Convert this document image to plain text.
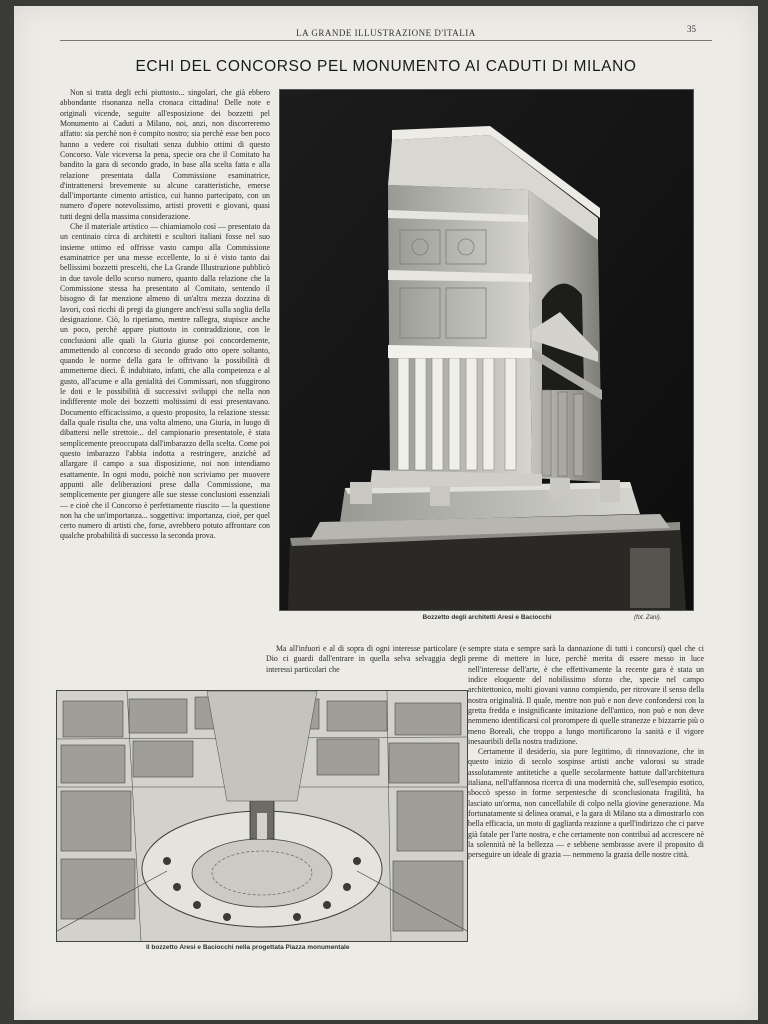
LA GRANDE ILLUSTRAZIONE D'ITALIA	35
ECHI DEL CONCORSO PEL MONUMENTO AI CADUTI DI MILANO

Non si tratta degli echi piuttosto... singolari, che già ebbero abbondante risonanza nella cronaca cittadina! Delle note e originali vicende, seguite all'esposizione dei bozzetti pel Monumento ai Caduti a Milano, noi, anzi, non discorreremo affatto: sia perchè non è compito nostro; sia perchè esse ben poco hanno a vedere coi risultati senza dubbio ottimi di questo Concorso. Vale viceversa la pena, specie ora che il Comitato ha bandito la gara di secondo grado, in base alla scelta fatta e alla relazione presentata dalla Commissione esaminatrice, d'intrattenersi brevemente su alcune caratteristiche, emerse dall'importante cimento artistico, cui hanno partecipato, con un numero d'opere notevolissimo, artisti provetti e giovani, quasi tutti degni della massima considerazione.

Che il materiale artistico — chiamiamolo così — presentato da un centinaio circa di architetti e scultori italiani fosse nel suo insieme ottimo ed offrisse vasto campo alla Commissione esaminatrice per una messe eccellente, lo si è visto tanto dai bellissimi bozzetti prescelti, che La Grande Illustrazione pubblicò in due tavole dello scorso numero, quanto dalla relazione che la Commissione stessa ha presentato al Comitato, sentendo il bisogno di far menzione almeno di un'altra mezza dozzina di lavori, così ricchi di pregi da giungere anch'essi sulla soglia della designazione. Ciò, lo ripetiamo, mentre rallegra, stupisce anche un poco, perchè appare piuttosto in contraddizione, con le conclusioni alle quali la Giuria giunse poi concordemente, ammettendo al concorso di secondo grado otto opere soltanto, quando le norme della gara le offrivano la possibilità di ammetterne dieci. È indubitato, infatti, che alla competenza e al gusto, all'acume e alla genialità dei Commissari, non sfuggirono le doti e le possibilità di successivi sviluppi che nella non indifferente mole dei bozzetti moltissimi di essi presentavano. Documento efficacissimo, a questo proposito, la relazione stessa: dalla quale risulta che, una volta almeno, una Giuria, in luogo di dibattersi nelle strettoie... del campionario presentatole, è stata semplicemente preoccupata dall'imbarazzo della scelta. Come poi questo imbarazzo l'abbia indotta a restringere, anzichè ad allargare il campo a sua disposizione, noi non intendiamo esattamente. In ogni modo, poichè non scriviamo per muovere appunti alle deliberazioni prese dalla Commissione, ma semplicemente per giungere alle sue stesse conclusioni essenziali — e cioè che il Concorso è perfettamente riuscito — la questione non ha che un'importanza... soggettiva: importanza, cioè, per quel certo numero di artisti che, forse, avrebbero potuto affrontare con qualche probabilità di successo la seconda prova.

Bozzetto degli architetti Aresi e Baciocchi	(fot. Zani).
Il bozzetto Aresi e Baciocchi nella progettata Piazza monumentale

Ma all'infuori e al di sopra di ogni interesse particolare (e Dio ci guardi dall'entrare in quella selva selvaggia degli interessi particolari che

sempre stata e sempre sarà la dannazione di tutti i concorsi) quel che ci preme di mettere in luce, perchè merita di essere messo in luce nell'interesse dell'arte, è che effettivamente la recente gara è stata un indice eloquente del nobilissimo sforzo che, specie nel campo architettonico, molti giovani vanno compiendo, per ritrovare il senso della nostra originalità. Il quale, mentre non può e non deve confondersi con la gretta fredda e insignificante imitazione dell'antico, non può e non deve nemmeno identificarsi col prorompere di quelle stranezze e bizzarrie più o meno Boreali, che troppo a lungo mortificarono la sanità e il vigore inesauribili della nostra tradizione.

Certamente il desiderio, sia pure legittimo, di rinnovazione, che in questo inizio di secolo sospinse artisti anche valorosi su strade assolutamente antitetiche a quelle secolarmente battute dall'architettura italiana, nell'affannosa ricerca di una modernità che, sull'esempio esotico, sboccò spesso in forme serpentesche di sconclusionata fragilità, ha lasciato un'orma, non cancellabile di colpo nella giovine generazione. Ma fortunatamente si delinea oramai, e la gara di Milano sta a dimostrarlo con bella efficacia, un moto di gagliarda reazione a quell'indirizzo che ci parve già fatale per l'arte nostra, e che certamente non contribuì ad accrescere nè la solennità nè la bellezza — e sebbene sembrasse avere il proposito di perseguire un ideale di grazia — nemmeno la grazia delle nostre città.
